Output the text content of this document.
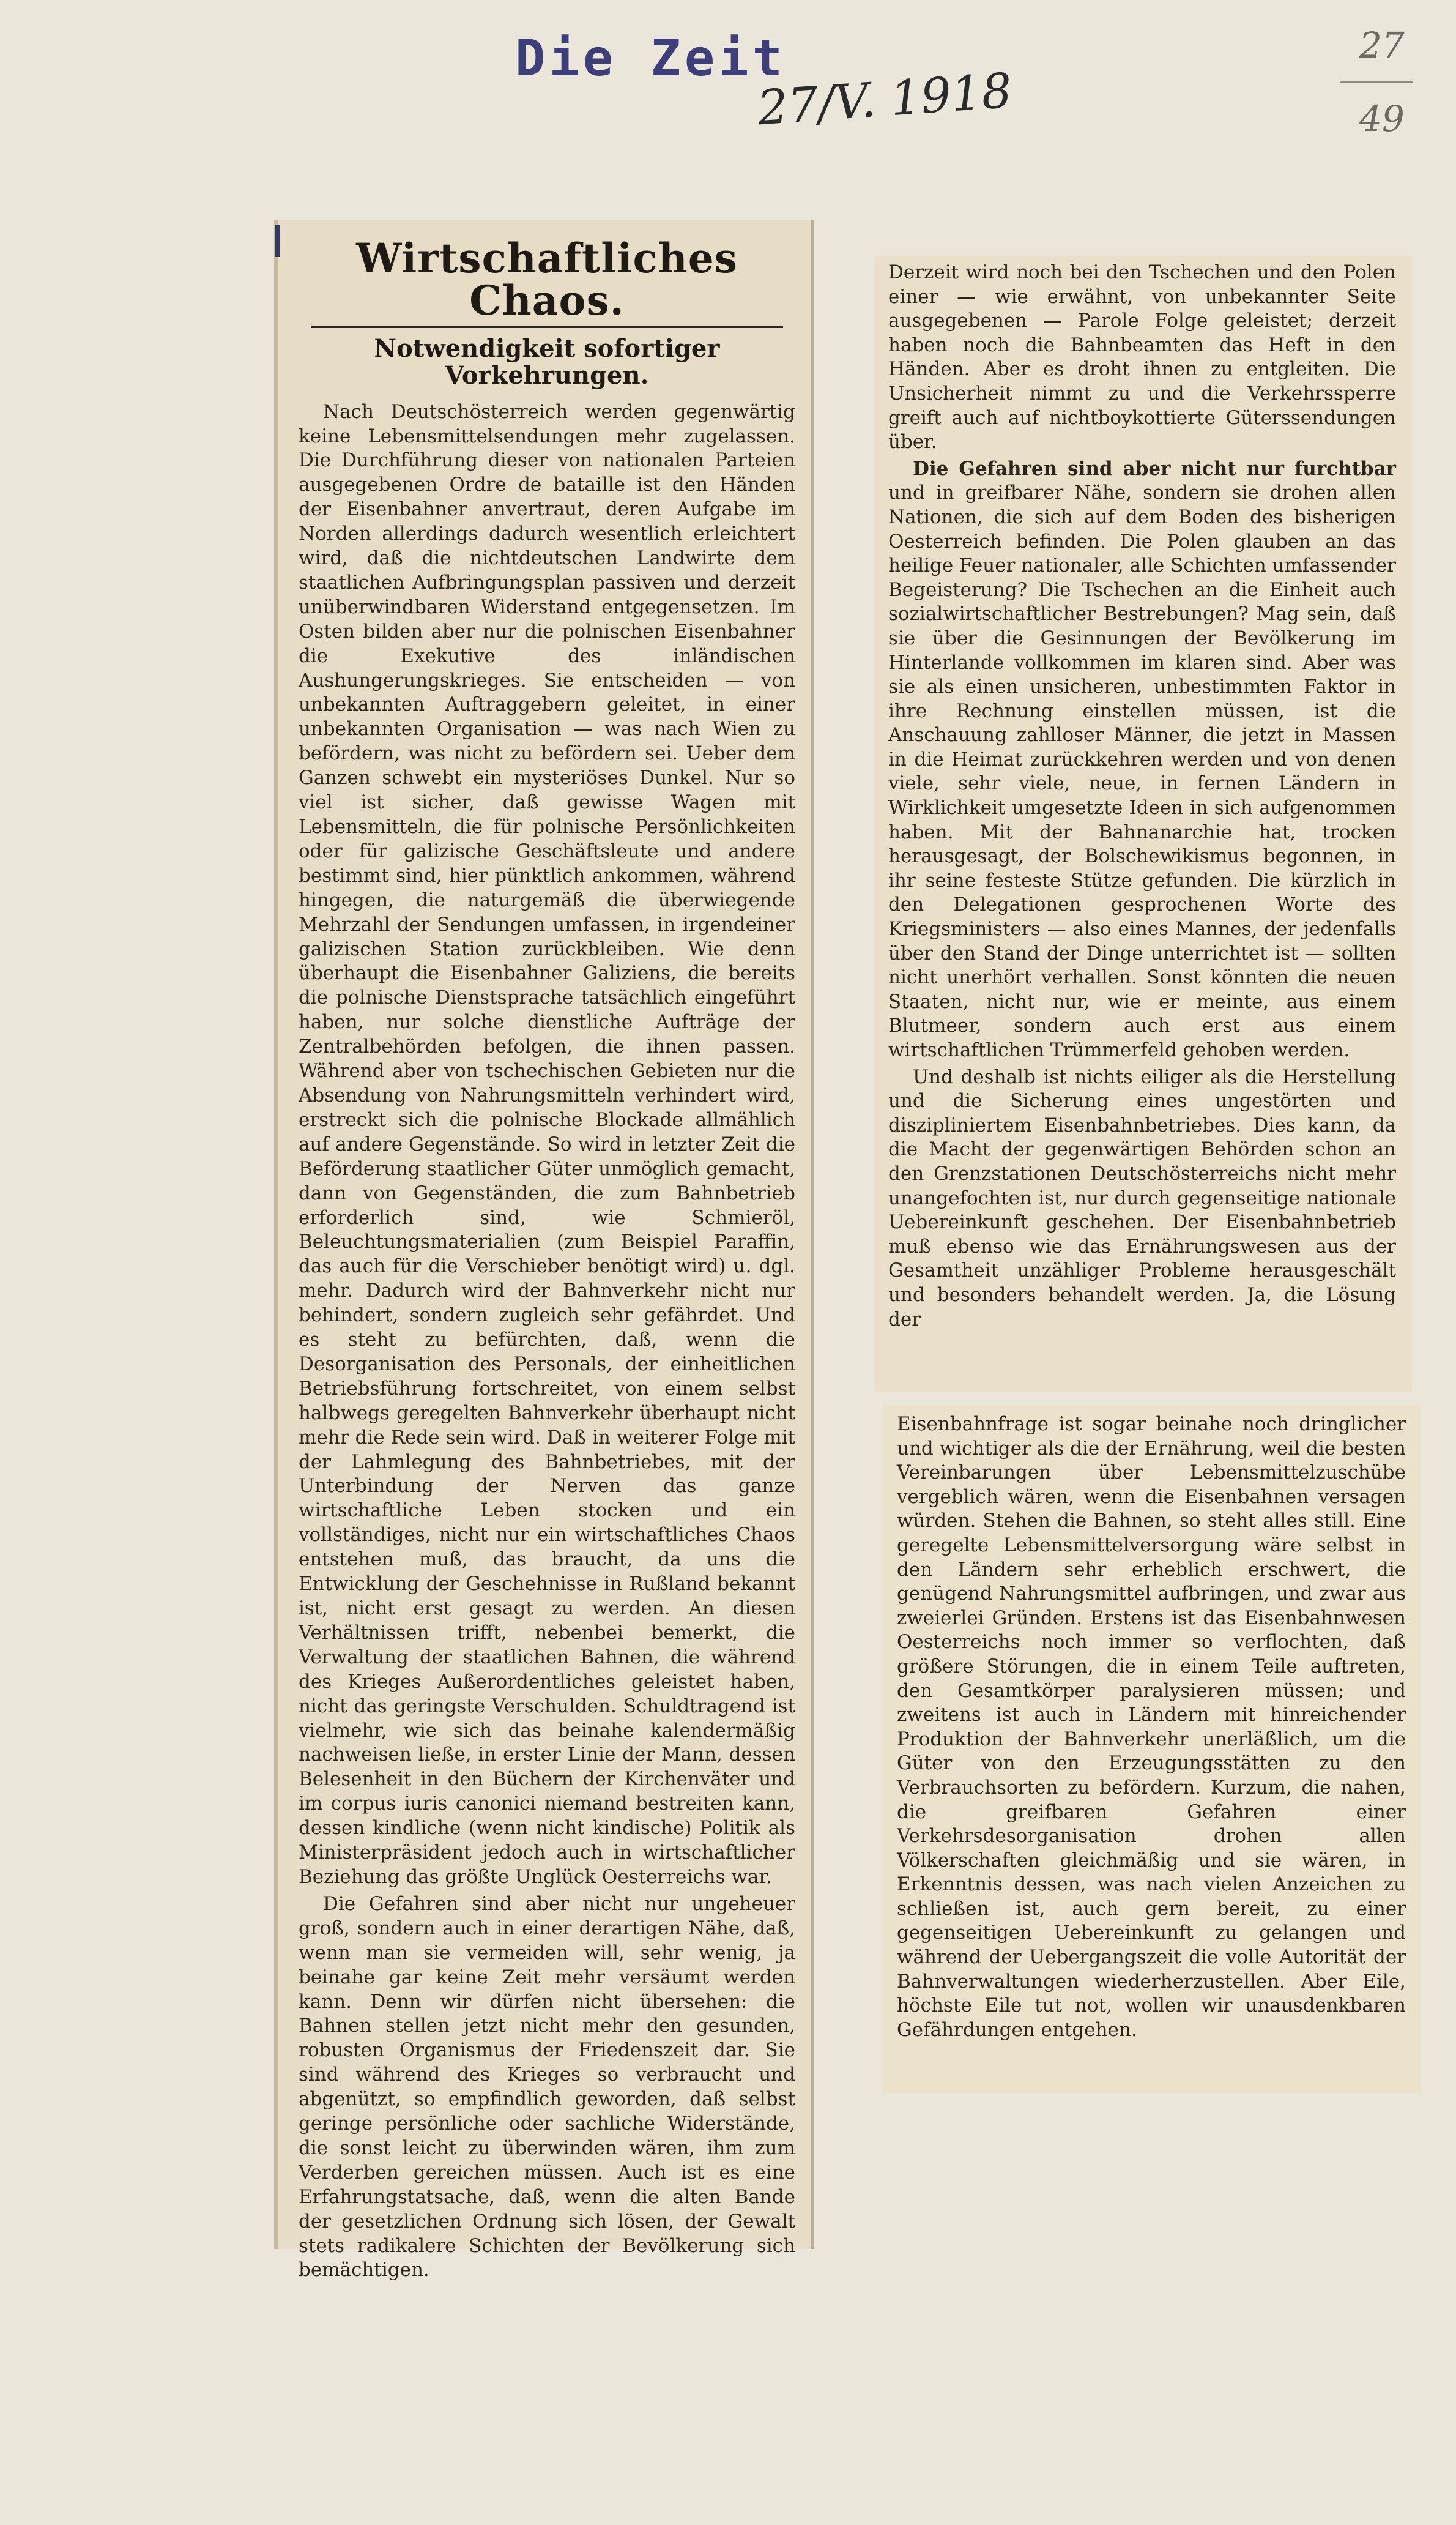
Die Zeit
27/V. 1918
27
49
Wirtschaftliches Chaos.
Notwendigkeit sofortiger Vorkehrungen.

Nach Deutschösterreich werden gegenwärtig keine Lebensmittelsendungen mehr zugelassen. Die Durchführung dieser von nationalen Parteien ausgegebenen Ordre de bataille ist den Händen der Eisenbahner anvertraut, deren Aufgabe im Norden allerdings dadurch wesentlich erleichtert wird, daß die nichtdeutschen Landwirte dem staatlichen Aufbringungsplan passiven und derzeit unüberwindbaren Widerstand entgegensetzen. Im Osten bilden aber nur die polnischen Eisenbahner die Exekutive des inländischen Aushungerungskrieges. Sie entscheiden — von unbekannten Auftraggebern geleitet, in einer unbekannten Organisation — was nach Wien zu befördern, was nicht zu befördern sei. Ueber dem Ganzen schwebt ein mysteriöses Dunkel. Nur so viel ist sicher, daß gewisse Wagen mit Lebensmitteln, die für polnische Persönlichkeiten oder für galizische Geschäftsleute und andere bestimmt sind, hier pünktlich ankommen, während hingegen, die naturgemäß die überwiegende Mehrzahl der Sendungen umfassen, in irgendeiner galizischen Station zurückbleiben. Wie denn überhaupt die Eisenbahner Galiziens, die bereits die polnische Dienstsprache tatsächlich eingeführt haben, nur solche dienstliche Aufträge der Zentralbehörden befolgen, die ihnen passen. Während aber von tschechischen Gebieten nur die Absendung von Nahrungsmitteln verhindert wird, erstreckt sich die polnische Blockade allmählich auf andere Gegenstände. So wird in letzter Zeit die Beförderung staatlicher Güter unmöglich gemacht, dann von Gegenständen, die zum Bahnbetrieb erforderlich sind, wie Schmieröl, Beleuchtungsmaterialien (zum Beispiel Paraffin, das auch für die Verschieber benötigt wird) u. dgl. mehr. Dadurch wird der Bahnverkehr nicht nur behindert, sondern zugleich sehr gefährdet. Und es steht zu befürchten, daß, wenn die Desorganisation des Personals, der einheitlichen Betriebsführung fortschreitet, von einem selbst halbwegs geregelten Bahnverkehr überhaupt nicht mehr die Rede sein wird. Daß in weiterer Folge mit der Lahmlegung des Bahnbetriebes, mit der Unterbindung der Nerven das ganze wirtschaftliche Leben stocken und ein vollständiges, nicht nur ein wirtschaftliches Chaos entstehen muß, das braucht, da uns die Entwicklung der Geschehnisse in Rußland bekannt ist, nicht erst gesagt zu werden. An diesen Verhältnissen trifft, nebenbei bemerkt, die Verwaltung der staatlichen Bahnen, die während des Krieges Außerordentliches geleistet haben, nicht das geringste Verschulden. Schuldtragend ist vielmehr, wie sich das beinahe kalendermäßig nachweisen ließe, in erster Linie der Mann, dessen Belesenheit in den Büchern der Kirchenväter und im corpus iuris canonici niemand bestreiten kann, dessen kindliche (wenn nicht kindische) Politik als Ministerpräsident jedoch auch in wirtschaftlicher Beziehung das größte Unglück Oesterreichs war.

Die Gefahren sind aber nicht nur ungeheuer groß, sondern auch in einer derartigen Nähe, daß, wenn man sie vermeiden will, sehr wenig, ja beinahe gar keine Zeit mehr versäumt werden kann. Denn wir dürfen nicht übersehen: die Bahnen stellen jetzt nicht mehr den gesunden, robusten Organismus der Friedenszeit dar. Sie sind während des Krieges so verbraucht und abgenützt, so empfindlich geworden, daß selbst geringe persönliche oder sachliche Widerstände, die sonst leicht zu überwinden wären, ihm zum Verderben gereichen müssen. Auch ist es eine Erfahrungstatsache, daß, wenn die alten Bande der gesetzlichen Ordnung sich lösen, der Gewalt stets radikalere Schichten der Bevölkerung sich bemächtigen.

Derzeit wird noch bei den Tschechen und den Polen einer — wie erwähnt, von unbekannter Seite ausgegebenen — Parole Folge geleistet; derzeit haben noch die Bahnbeamten das Heft in den Händen. Aber es droht ihnen zu entgleiten. Die Unsicherheit nimmt zu und die Verkehrssperre greift auch auf nichtboykottierte Güterssendungen über.

Die Gefahren sind aber nicht nur furchtbar und in greifbarer Nähe, sondern sie drohen allen Nationen, die sich auf dem Boden des bisherigen Oesterreich befinden. Die Polen glauben an das heilige Feuer nationaler, alle Schichten umfassender Begeisterung? Die Tschechen an die Einheit auch sozialwirtschaftlicher Bestrebungen? Mag sein, daß sie über die Gesinnungen der Bevölkerung im Hinterlande vollkommen im klaren sind. Aber was sie als einen unsicheren, unbestimmten Faktor in ihre Rechnung einstellen müssen, ist die Anschauung zahlloser Männer, die jetzt in Massen in die Heimat zurückkehren werden und von denen viele, sehr viele, neue, in fernen Ländern in Wirklichkeit umgesetzte Ideen in sich aufgenommen haben. Mit der Bahnanarchie hat, trocken herausgesagt, der Bolschewikismus begonnen, in ihr seine festeste Stütze gefunden. Die kürzlich in den Delegationen gesprochenen Worte des Kriegsministers — also eines Mannes, der jedenfalls über den Stand der Dinge unterrichtet ist — sollten nicht unerhört verhallen. Sonst könnten die neuen Staaten, nicht nur, wie er meinte, aus einem Blutmeer, sondern auch erst aus einem wirtschaftlichen Trümmerfeld gehoben werden.

Und deshalb ist nichts eiliger als die Herstellung und die Sicherung eines ungestörten und diszipliniertem Eisenbahnbetriebes. Dies kann, da die Macht der gegenwärtigen Behörden schon an den Grenzstationen Deutschösterreichs nicht mehr unangefochten ist, nur durch gegenseitige nationale Uebereinkunft geschehen. Der Eisenbahnbetrieb muß ebenso wie das Ernährungswesen aus der Gesamtheit unzähliger Probleme herausgeschält und besonders behandelt werden. Ja, die Lösung der

Eisenbahnfrage ist sogar beinahe noch dringlicher und wichtiger als die der Ernährung, weil die besten Vereinbarungen über Lebensmittelzuschübe vergeblich wären, wenn die Eisenbahnen versagen würden. Stehen die Bahnen, so steht alles still. Eine geregelte Lebensmittelversorgung wäre selbst in den Ländern sehr erheblich erschwert, die genügend Nahrungsmittel aufbringen, und zwar aus zweierlei Gründen. Erstens ist das Eisenbahnwesen Oesterreichs noch immer so verflochten, daß größere Störungen, die in einem Teile auftreten, den Gesamtkörper paralysieren müssen; und zweitens ist auch in Ländern mit hinreichender Produktion der Bahnverkehr unerläßlich, um die Güter von den Erzeugungsstätten zu den Verbrauchsorten zu befördern. Kurzum, die nahen, die greifbaren Gefahren einer Verkehrsdesorganisation drohen allen Völkerschaften gleichmäßig und sie wären, in Erkenntnis dessen, was nach vielen Anzeichen zu schließen ist, auch gern bereit, zu einer gegenseitigen Uebereinkunft zu gelangen und während der Uebergangszeit die volle Autorität der Bahnverwaltungen wiederherzustellen. Aber Eile, höchste Eile tut not, wollen wir unausdenkbaren Gefährdungen entgehen.
